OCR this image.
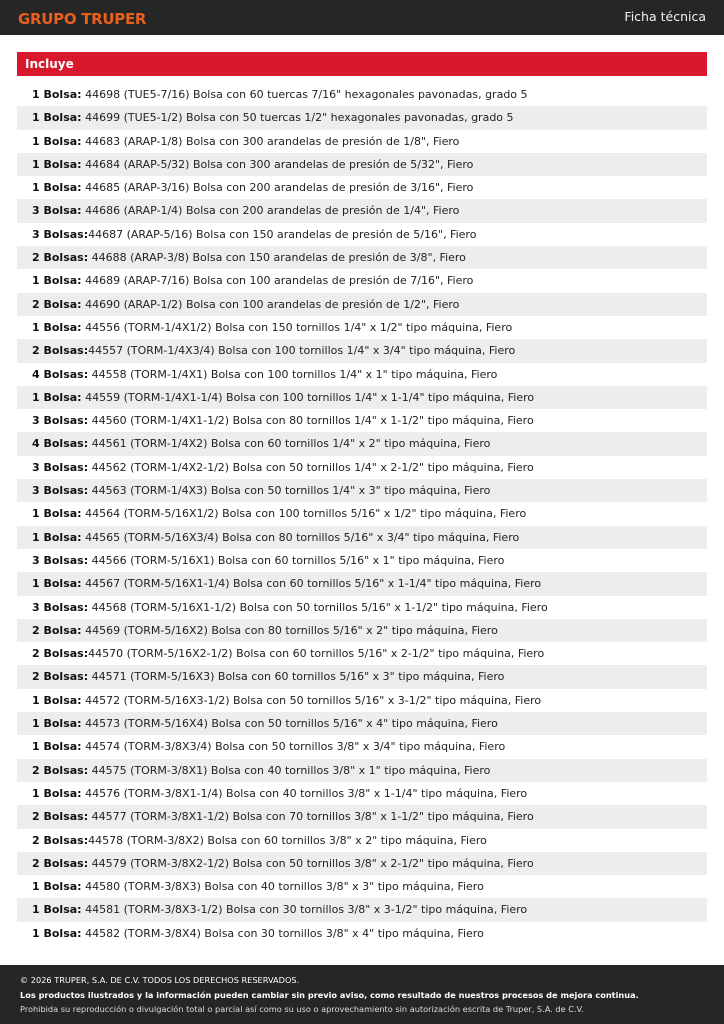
GRUPO TRUPER	Ficha técnica
Incluye
1 Bolsa: 44698 (TUE5-7/16) Bolsa con 60 tuercas 7/16" hexagonales pavonadas, grado 5
1 Bolsa: 44699 (TUE5-1/2) Bolsa con 50 tuercas 1/2" hexagonales pavonadas, grado 5
1 Bolsa: 44683 (ARAP-1/8) Bolsa con 300 arandelas de presión de 1/8", Fiero
1 Bolsa: 44684 (ARAP-5/32) Bolsa con 300 arandelas de presión de 5/32", Fiero
1 Bolsa: 44685 (ARAP-3/16) Bolsa con 200 arandelas de presión de 3/16", Fiero
3 Bolsa: 44686 (ARAP-1/4) Bolsa con 200 arandelas de presión de 1/4", Fiero
3 Bolsas:44687 (ARAP-5/16) Bolsa con 150 arandelas de presión de 5/16", Fiero
2 Bolsas: 44688 (ARAP-3/8) Bolsa con 150 arandelas de presión de 3/8", Fiero
1 Bolsa: 44689 (ARAP-7/16) Bolsa con 100 arandelas de presión de 7/16", Fiero
2 Bolsa: 44690 (ARAP-1/2) Bolsa con 100 arandelas de presión de 1/2", Fiero
1 Bolsa: 44556 (TORM-1/4X1/2) Bolsa con 150 tornillos 1/4" x 1/2" tipo máquina, Fiero
2 Bolsas:44557 (TORM-1/4X3/4) Bolsa con 100 tornillos 1/4" x 3/4" tipo máquina, Fiero
4 Bolsas: 44558 (TORM-1/4X1) Bolsa con 100 tornillos 1/4" x 1" tipo máquina, Fiero
1 Bolsa: 44559 (TORM-1/4X1-1/4) Bolsa con 100 tornillos 1/4" x 1-1/4" tipo máquina, Fiero
3 Bolsas: 44560 (TORM-1/4X1-1/2) Bolsa con 80 tornillos 1/4" x 1-1/2" tipo máquina, Fiero
4 Bolsas: 44561 (TORM-1/4X2) Bolsa con 60 tornillos 1/4" x 2" tipo máquina, Fiero
3 Bolsas: 44562 (TORM-1/4X2-1/2) Bolsa con 50 tornillos 1/4" x 2-1/2" tipo máquina, Fiero
3 Bolsas: 44563 (TORM-1/4X3) Bolsa con 50 tornillos 1/4" x 3" tipo máquina, Fiero
1 Bolsa: 44564 (TORM-5/16X1/2) Bolsa con 100 tornillos 5/16" x 1/2" tipo máquina, Fiero
1 Bolsa: 44565 (TORM-5/16X3/4) Bolsa con 80 tornillos 5/16" x 3/4" tipo máquina, Fiero
3 Bolsas: 44566 (TORM-5/16X1) Bolsa con 60 tornillos 5/16" x 1" tipo máquina, Fiero
1 Bolsa: 44567 (TORM-5/16X1-1/4) Bolsa con 60 tornillos 5/16" x 1-1/4" tipo máquina, Fiero
3 Bolsas: 44568 (TORM-5/16X1-1/2) Bolsa con 50 tornillos 5/16" x 1-1/2" tipo máquina, Fiero
2 Bolsa: 44569 (TORM-5/16X2) Bolsa con 80 tornillos 5/16" x 2" tipo máquina, Fiero
2 Bolsas:44570 (TORM-5/16X2-1/2) Bolsa con 60 tornillos 5/16" x 2-1/2" tipo máquina, Fiero
2 Bolsas: 44571 (TORM-5/16X3) Bolsa con 60 tornillos 5/16" x 3" tipo máquina, Fiero
1 Bolsa: 44572 (TORM-5/16X3-1/2) Bolsa con 50 tornillos 5/16" x 3-1/2" tipo máquina, Fiero
1 Bolsa: 44573 (TORM-5/16X4) Bolsa con 50 tornillos 5/16" x 4" tipo máquina, Fiero
1 Bolsa: 44574 (TORM-3/8X3/4) Bolsa con 50 tornillos 3/8" x 3/4" tipo máquina, Fiero
2 Bolsas: 44575 (TORM-3/8X1) Bolsa con 40 tornillos 3/8" x 1" tipo máquina, Fiero
1 Bolsa: 44576 (TORM-3/8X1-1/4) Bolsa con 40 tornillos 3/8" x 1-1/4" tipo máquina, Fiero
2 Bolsas: 44577 (TORM-3/8X1-1/2) Bolsa con 70 tornillos 3/8" x 1-1/2" tipo máquina, Fiero
2 Bolsas:44578 (TORM-3/8X2) Bolsa con 60 tornillos 3/8" x 2" tipo máquina, Fiero
2 Bolsas: 44579 (TORM-3/8X2-1/2) Bolsa con 50 tornillos 3/8" x 2-1/2" tipo máquina, Fiero
1 Bolsa: 44580 (TORM-3/8X3) Bolsa con 40 tornillos 3/8" x 3" tipo máquina, Fiero
1 Bolsa: 44581 (TORM-3/8X3-1/2) Bolsa con 30 tornillos 3/8" x 3-1/2" tipo máquina, Fiero
1 Bolsa: 44582 (TORM-3/8X4) Bolsa con 30 tornillos 3/8" x 4" tipo máquina, Fiero
© 2026 TRUPER, S.A. DE C.V. TODOS LOS DERECHOS RESERVADOS.
Los productos ilustrados y la información pueden cambiar sin previo aviso, como resultado de nuestros procesos de mejora continua.
Prohibida su reproducción o divulgación total o parcial así como su uso o aprovechamiento sin autorización escrita de Truper, S.A. de C.V.
